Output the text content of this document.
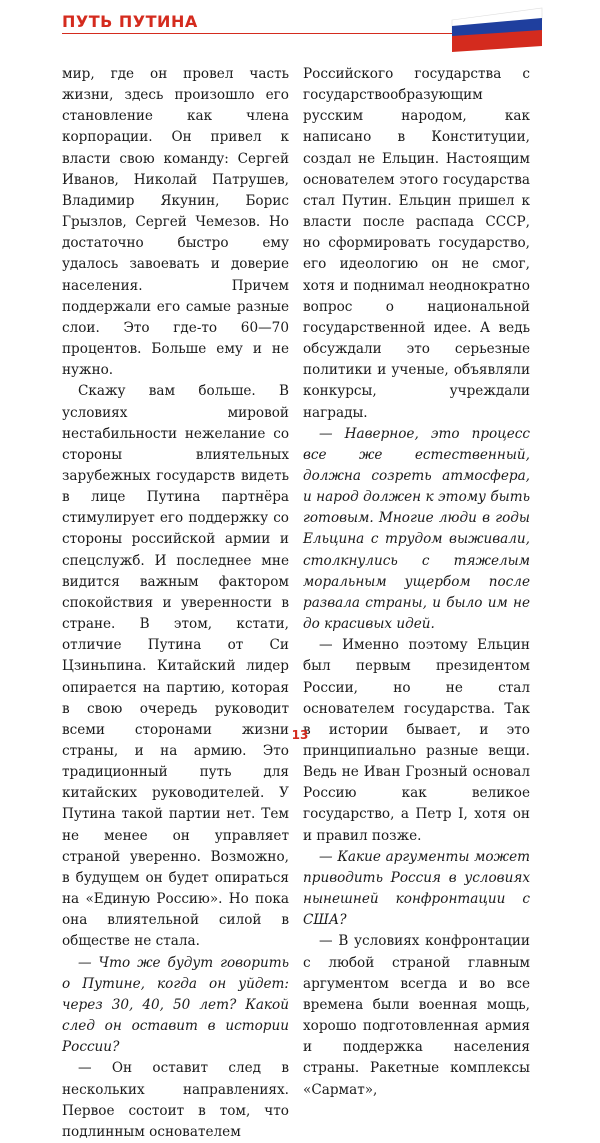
ПУТЬ ПУТИНА

мир, где он провел часть жизни, здесь произошло его становление как члена корпорации. Он привел к власти свою команду: Сергей Иванов, Николай Патрушев, Владимир Якунин, Борис Грызлов, Сергей Чемезов. Но достаточно быстро ему удалось завоевать и доверие населения. Причем поддержали его самые разные слои. Это где-то 60—70 процентов. Больше ему и не нужно.

Скажу вам больше. В условиях мировой нестабильности нежелание со стороны влиятельных зарубежных государств видеть в лице Путина партнёра стимулирует его поддержку со стороны российской армии и спецслужб. И последнее мне видится важным фактором спокойствия и уверенности в стране. В этом, кстати, отличие Путина от Си Цзиньпина. Китайский лидер опирается на партию, которая в свою очередь руководит всеми сторонами жизни страны, и на армию. Это традиционный путь для китайских руководителей. У Путина такой партии нет. Тем не менее он управляет страной уверенно. Возможно, в будущем он будет опираться на «Единую Россию». Но пока она влиятельной силой в обществе не стала.

— Что же будут говорить о Путине, когда он уйдет: через 30, 40, 50 лет? Какой след он оставит в истории России?

— Он оставит след в нескольких направлениях. Первое состоит в том, что подлинным основателем

Российского государства с государствообразующим русским народом, как написано в Конституции, создал не Ельцин. Настоящим основателем этого государства стал Путин. Ельцин пришел к власти после распада СССР, но сформировать государство, его идеологию он не смог, хотя и поднимал неоднократно вопрос о национальной государственной идее. А ведь обсуждали это серьезные политики и ученые, объявляли конкурсы, учреждали награды.

— Наверное, это процесс все же естественный, должна созреть атмосфера, и народ должен к этому быть готовым. Многие люди в годы Ельцина с трудом выживали, столкнулись с тяжелым моральным ущербом после развала страны, и было им не до красивых идей.

— Именно поэтому Ельцин был первым президентом России, но не стал основателем государства. Так в истории бывает, и это принципиально разные вещи. Ведь не Иван Грозный основал Россию как великое государство, а Петр I, хотя он и правил позже.

— Какие аргументы может приводить Россия в условиях нынешней конфронтации с США?

— В условиях конфронтации с любой страной главным аргументом всегда и во все времена были военная мощь, хорошо подготовленная армия и поддержка населения страны. Ракетные комплексы «Сармат»,

13
